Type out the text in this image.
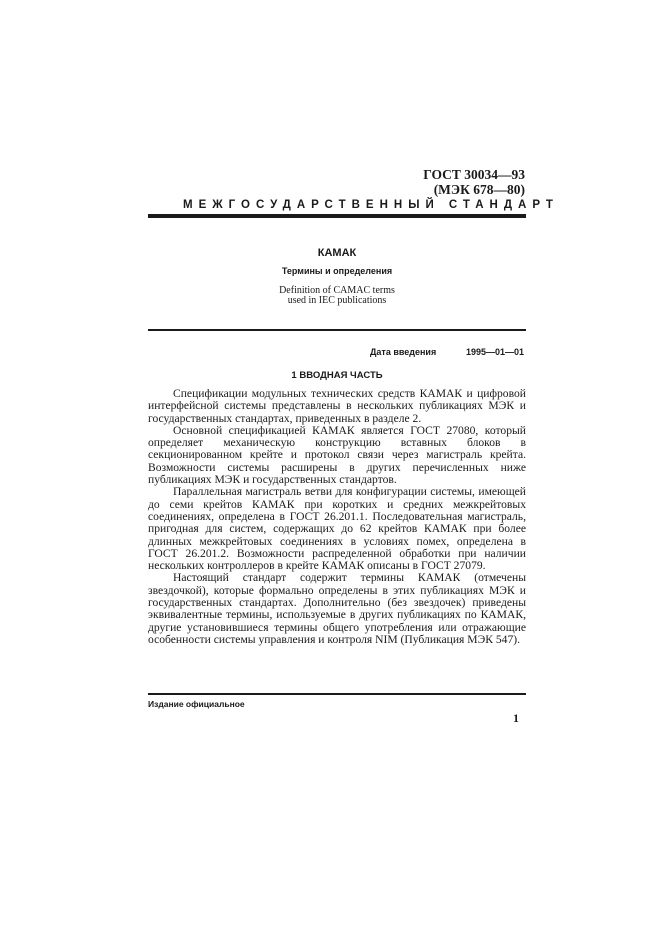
ГОСТ 30034—93
(МЭК 678—80)
МЕЖГОСУДАРСТВЕННЫЙ СТАНДАРТ
КАМАК
Термины и определения
Definition of CAMAC terms
used in IEC publications
Дата введения	1995—01—01
1 ВВОДНАЯ ЧАСТЬ

Спецификации модульных технических средств КАМАК и цифровой интерфейсной системы представлены в нескольких публикациях МЭК и государственных стандартах, приведенных в разделе 2.

Основной спецификацией КАМАК является ГОСТ 27080, который определяет механическую конструкцию вставных блоков в секционированном крейте и протокол связи через магистраль крейта. Возможности системы расширены в других перечисленных ниже публикациях МЭК и государственных стандартов.

Параллельная магистраль ветви для конфигурации системы, имеющей до семи крейтов КАМАК при коротких и средних межкрейтовых соединениях, определена в ГОСТ 26.201.1. Последовательная магистраль, пригодная для систем, содержащих до 62 крейтов КАМАК при более длинных межкрейтовых соединениях в условиях помех, определена в ГОСТ 26.201.2. Возможности распределенной обработки при наличии нескольких контроллеров в крейте КАМАК описаны в ГОСТ 27079.

Настоящий стандарт содержит термины КАМАК (отмечены звездочкой), которые формально определены в этих публикациях МЭК и государственных стандартах. Дополнительно (без звездочек) приведены эквивалентные термины, используемые в других публикациях по КАМАК, другие установившиеся термины общего употребления или отражающие особенности системы управления и контроля NIM (Публикация МЭК 547).

Издание официальное
1
